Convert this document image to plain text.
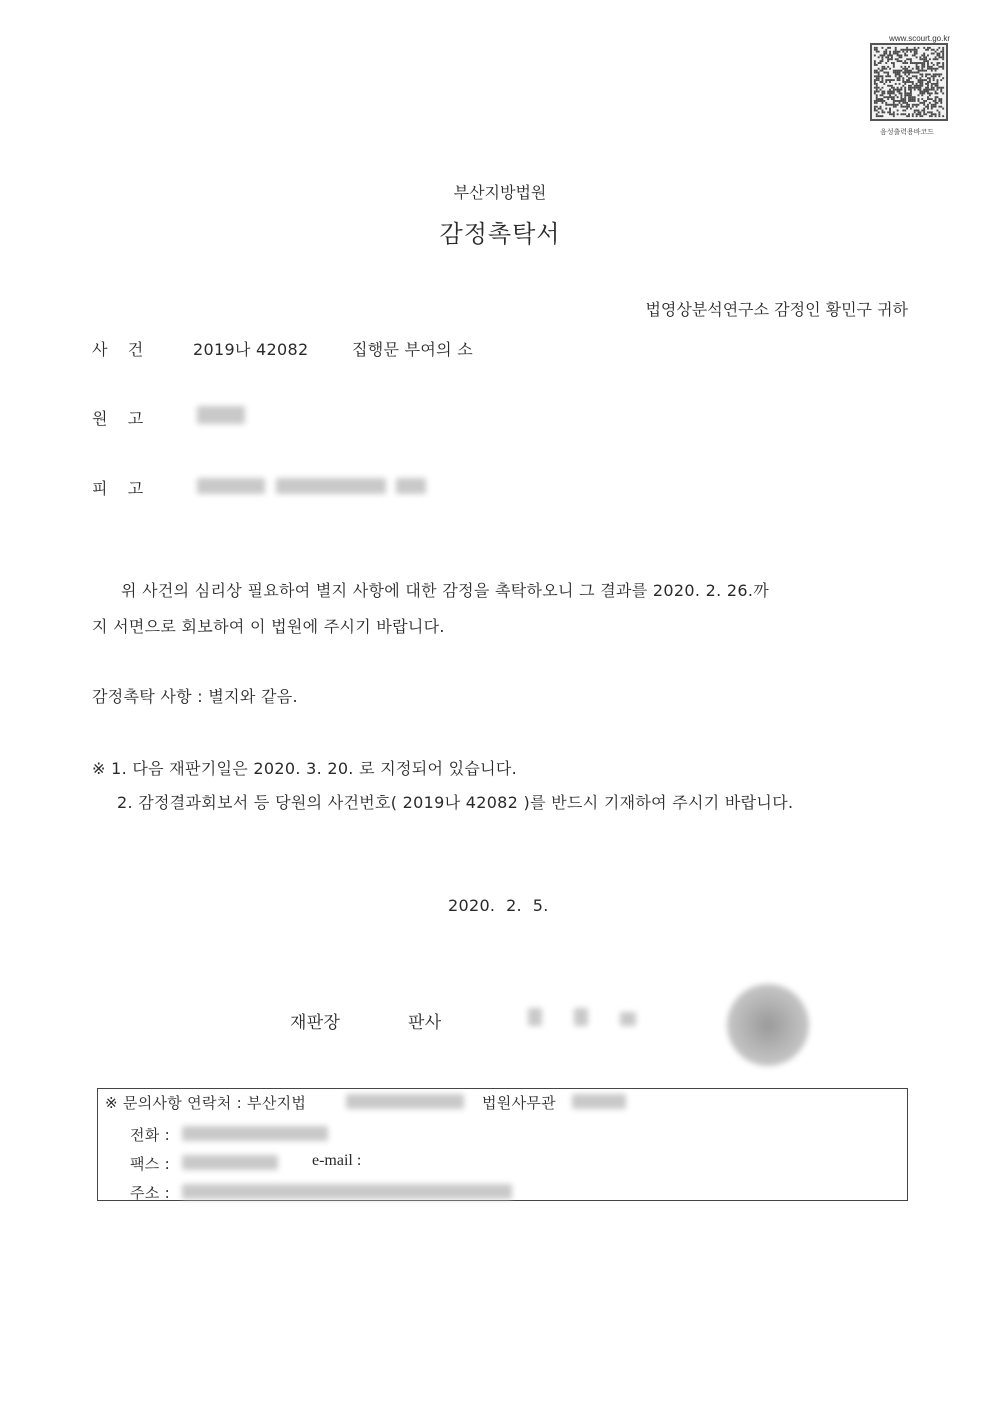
www.scourt.go.kr
음성출력용바코드
부산지방법원
감정촉탁서
법영상분석연구소 감정인 황민구 귀하
사    건	2019나 42082	집행문 부여의 소
원    고
피    고
위 사건의 심리상 필요하여 별지 사항에 대한 감정을 촉탁하오니 그 결과를 2020. 2. 26.까
지 서면으로 회보하여 이 법원에 주시기 바랍니다.
감정촉탁 사항 : 별지와 같음.
※ 1. 다음 재판기일은 2020. 3. 20. 로 지정되어 있습니다.
2. 감정결과회보서 등 당원의 사건번호( 2019나 42082 )를 반드시 기재하여 주시기 바랍니다.
2020.  2.  5.
재판장	판사
※ 문의사항 연락처 : 부산지법	법원사무관
전화 :
팩스 :	e-mail :
주소 :
